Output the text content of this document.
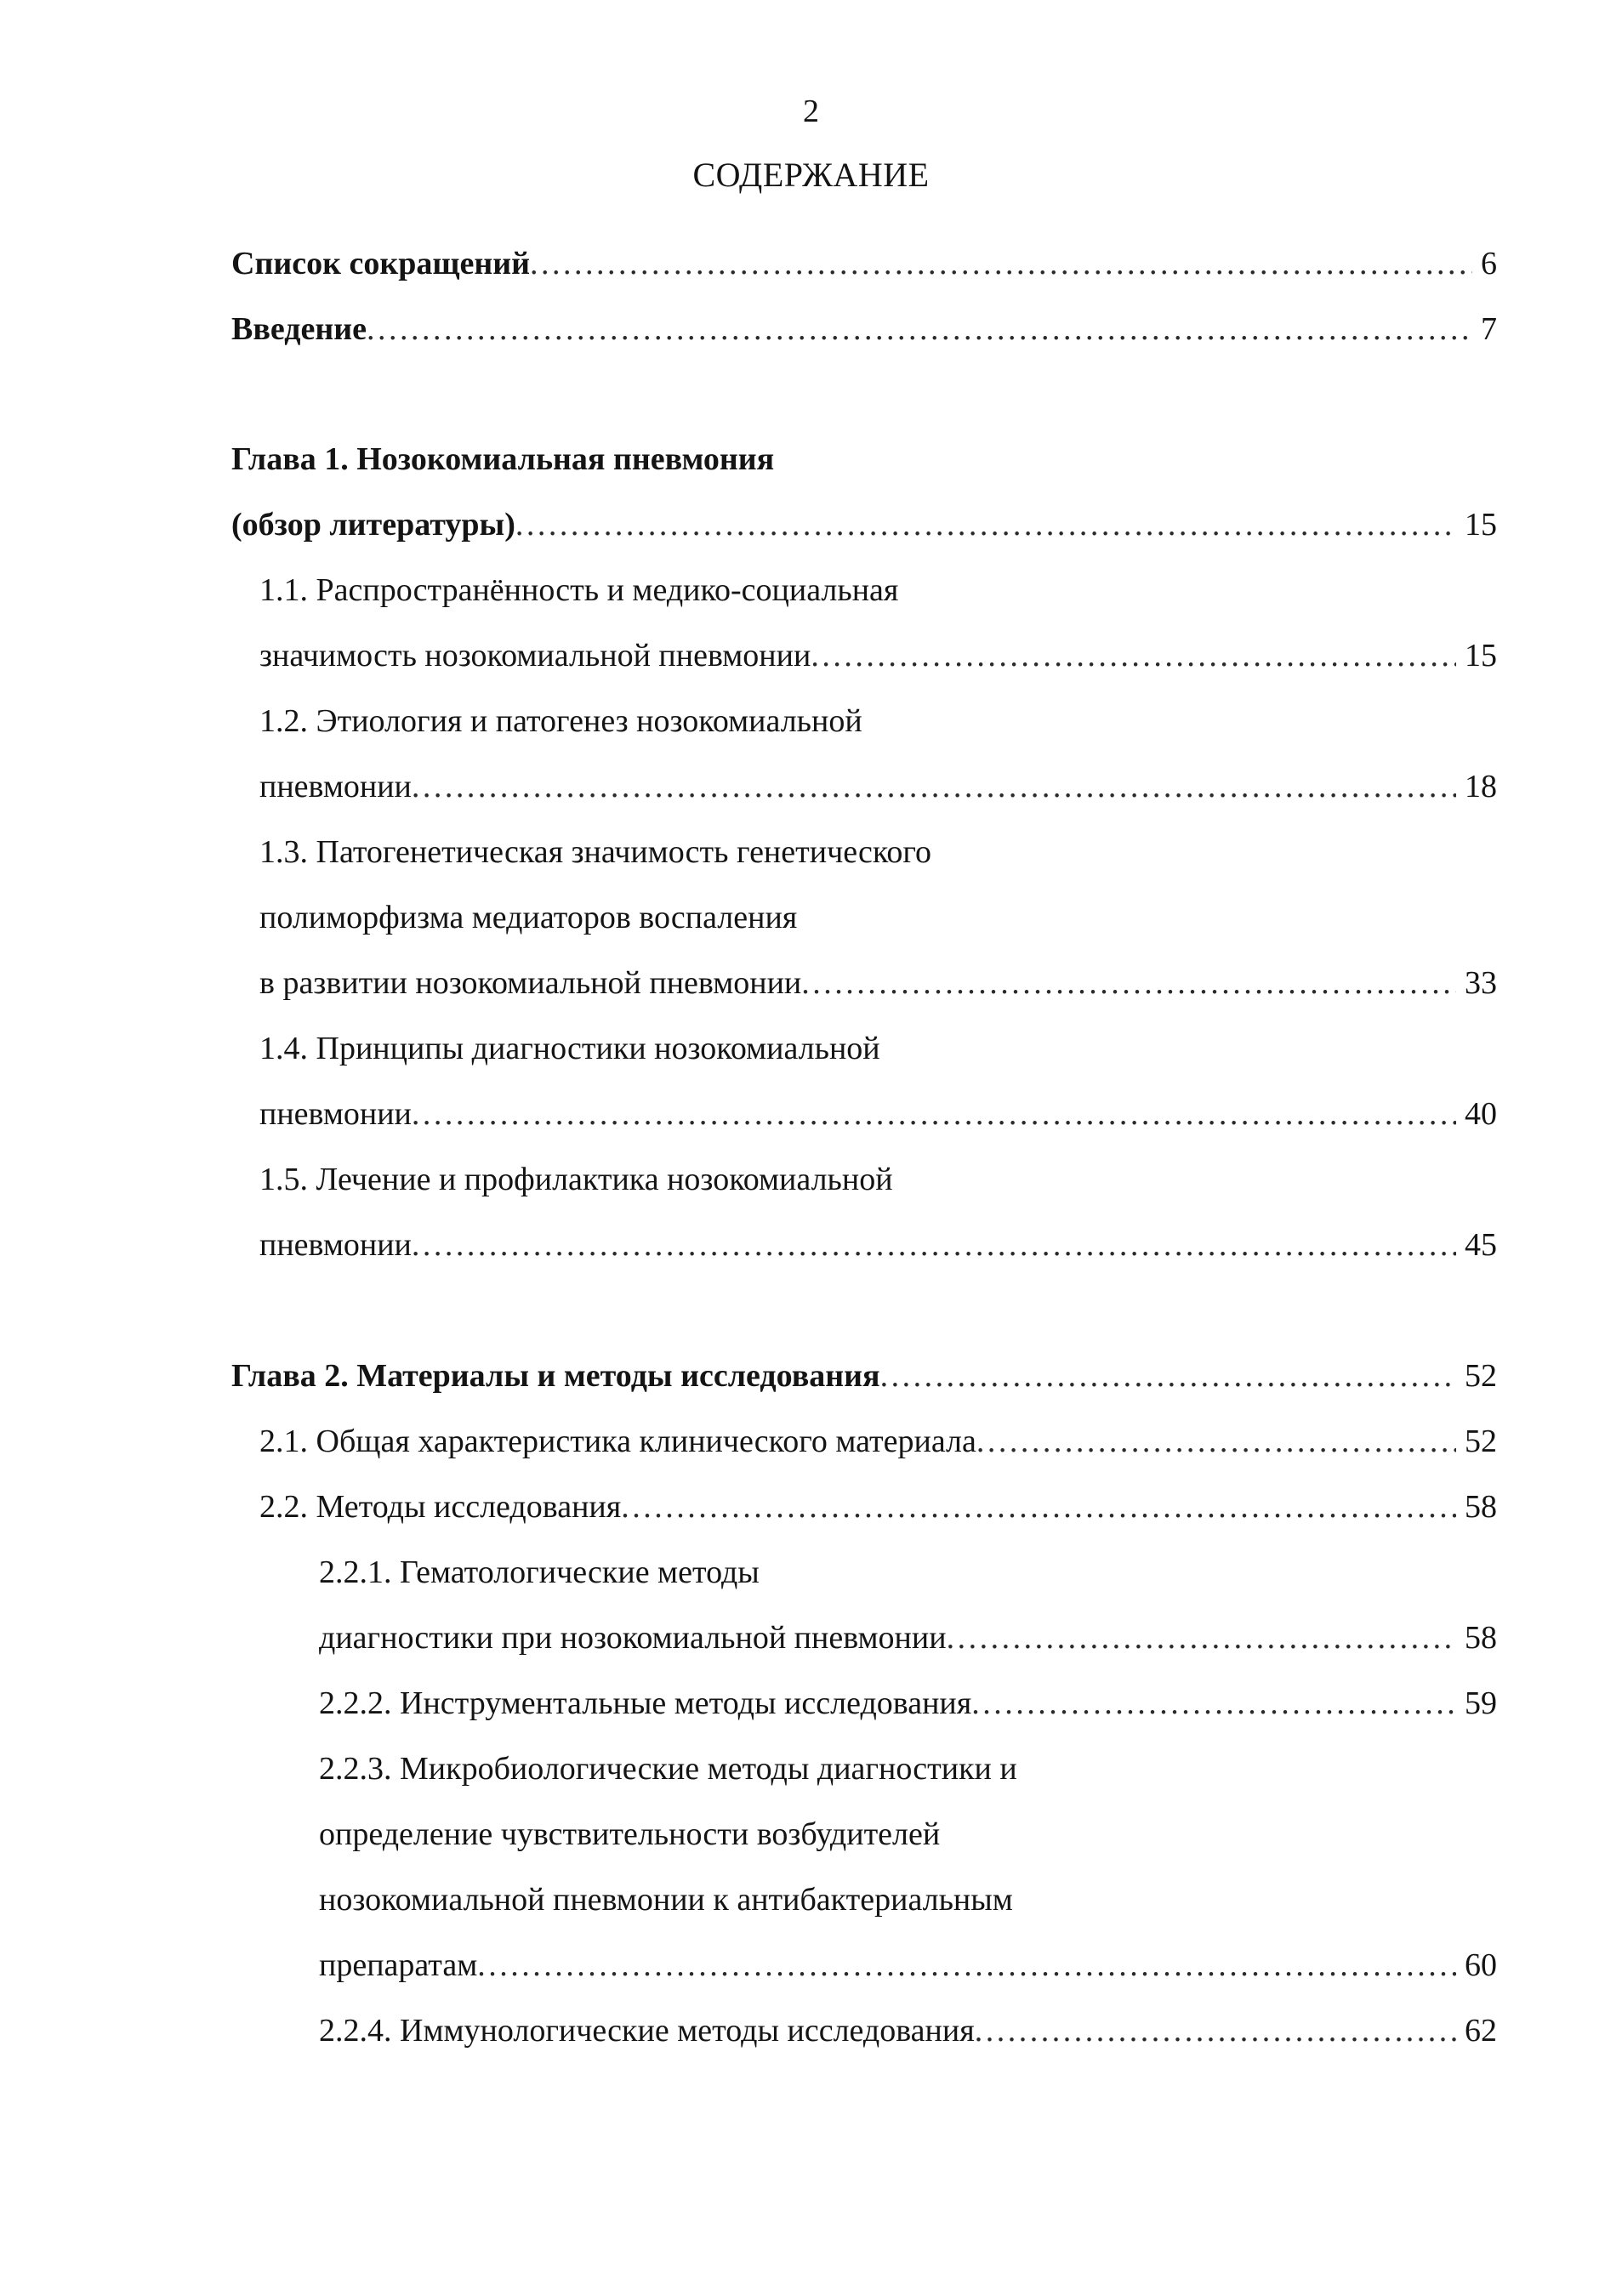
2
СОДЕРЖАНИЕ
Список сокращений . . .	6
Введение . . .	7
Глава 1. Нозокомиальная пневмония
(обзор литературы) . . .	15
1.1. Распространённость и медико-социальная
значимость нозокомиальной пневмонии . . .	15
1.2. Этиология и патогенез нозокомиальной
пневмонии . . .	18
1.3. Патогенетическая значимость генетического
полиморфизма медиаторов воспаления
в развитии нозокомиальной пневмонии . . .	33
1.4. Принципы диагностики нозокомиальной
пневмонии . . .	40
1.5. Лечение и профилактика нозокомиальной
пневмонии . . .	45
Глава 2. Материалы и методы исследования . . .	52
2.1. Общая характеристика клинического материала . . .	52
2.2. Методы исследования . . .	58
2.2.1. Гематологические методы
диагностики при нозокомиальной пневмонии . . .	58
2.2.2. Инструментальные методы исследования . . .	59
2.2.3. Микробиологические методы диагностики и
определение чувствительности возбудителей
нозокомиальной пневмонии к антибактериальным
препаратам . . .	60
2.2.4. Иммунологические методы исследования . . .	62
